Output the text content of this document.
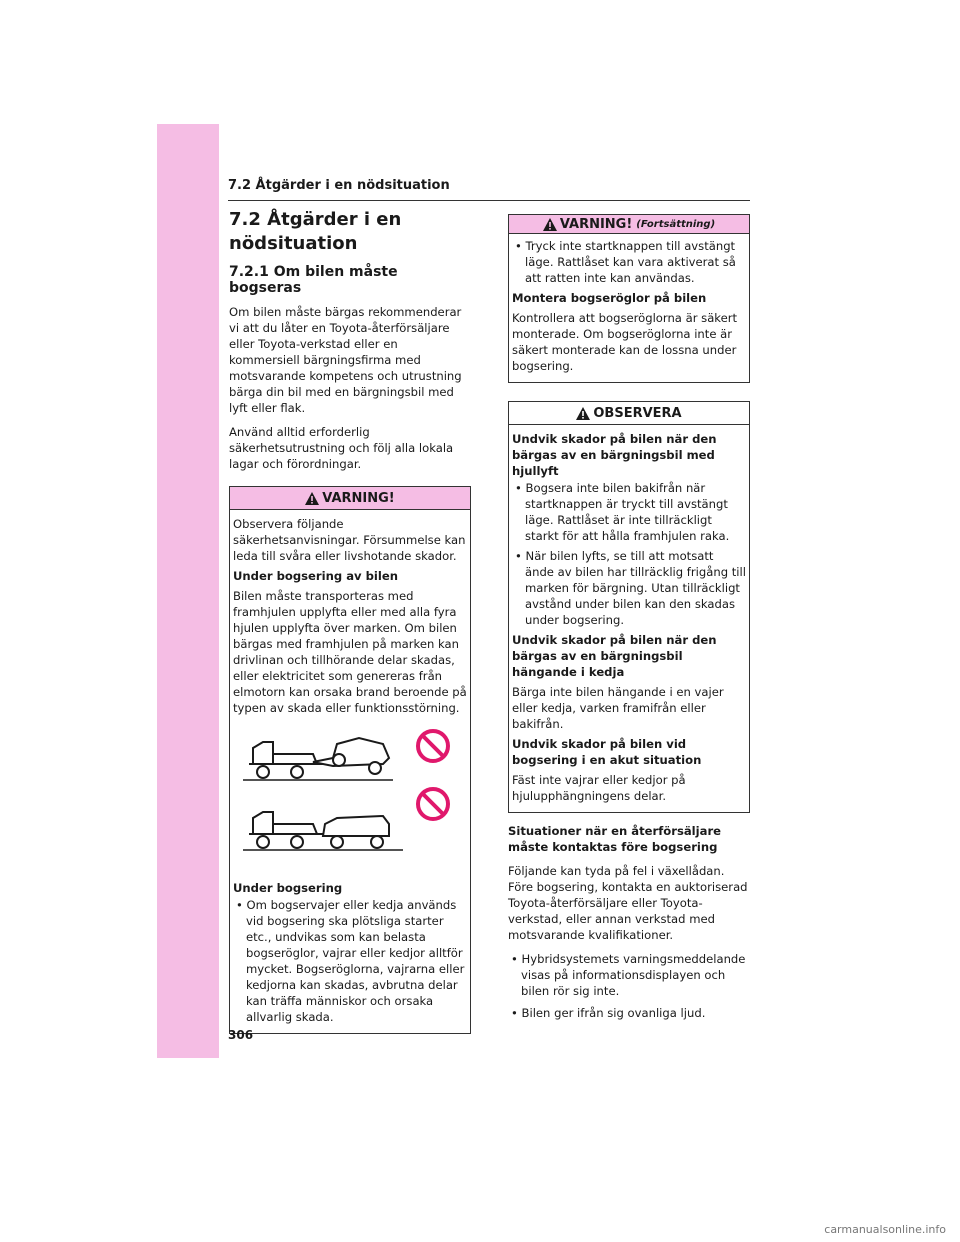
7.2 Åtgärder i en nödsituation
7.2 Åtgärder i en nödsituation
7.2.1 Om bilen måste bogseras

Om bilen måste bärgas rekommenderar vi att du låter en Toyota-återförsäljare eller Toyota-verkstad eller en kommersiell bärgningsfirma med motsvarande kompetens och utrustning bärga din bil med en bärgningsbil med lyft eller flak.

Använd alltid erforderlig säkerhetsutrustning och följ alla lokala lagar och förordningar.

VARNING!

Observera följande säkerhetsanvisningar. Försummelse kan leda till svåra eller livshotande skador.

Under bogsering av bilen

Bilen måste transporteras med framhjulen upplyfta eller med alla fyra hjulen upplyfta över marken. Om bilen bärgas med framhjulen på marken kan drivlinan och tillhörande delar skadas, eller elektricitet som genereras från elmotorn kan orsaka brand beroende på typen av skada eller funktionsstörning.

Under bogsering

• Om bogservajer eller kedja används vid bogsering ska plötsliga starter etc., undvikas som kan belasta bogseröglor, vajrar eller kedjor alltför mycket. Bogseröglorna, vajrarna eller kedjorna kan skadas, avbrutna delar kan träffa människor och orsaka allvarlig skada.

VARNING! (Fortsättning)

• Tryck inte startknappen till avstängt läge. Rattlåset kan vara aktiverat så att ratten inte kan användas.

Montera bogseröglor på bilen

Kontrollera att bogseröglorna är säkert monterade. Om bogseröglorna inte är säkert monterade kan de lossna under bogsering.

OBSERVERA

Undvik skador på bilen när den bärgas av en bärgningsbil med hjullyft

• Bogsera inte bilen bakifrån när startknappen är tryckt till avstängt läge. Rattlåset är inte tillräckligt starkt för att hålla framhjulen raka.

• När bilen lyfts, se till att motsatt ände av bilen har tillräcklig frigång till marken för bärgning. Utan tillräckligt avstånd under bilen kan den skadas under bogsering.

Undvik skador på bilen när den bärgas av en bärgningsbil hängande i kedja

Bärga inte bilen hängande i en vajer eller kedja, varken framifrån eller bakifrån.

Undvik skador på bilen vid bogsering i en akut situation

Fäst inte vajrar eller kedjor på hjulupphängningens delar.

Situationer när en återförsäljare måste kontaktas före bogsering

Följande kan tyda på fel i växellådan. Före bogsering, kontakta en auktoriserad Toyota-återförsäljare eller Toyota-verkstad, eller annan verkstad med motsvarande kvalifikationer.

• Hybridsystemets varningsmeddelande visas på informationsdisplayen och bilen rör sig inte.

• Bilen ger ifrån sig ovanliga ljud.

306
carmanualsonline.info
